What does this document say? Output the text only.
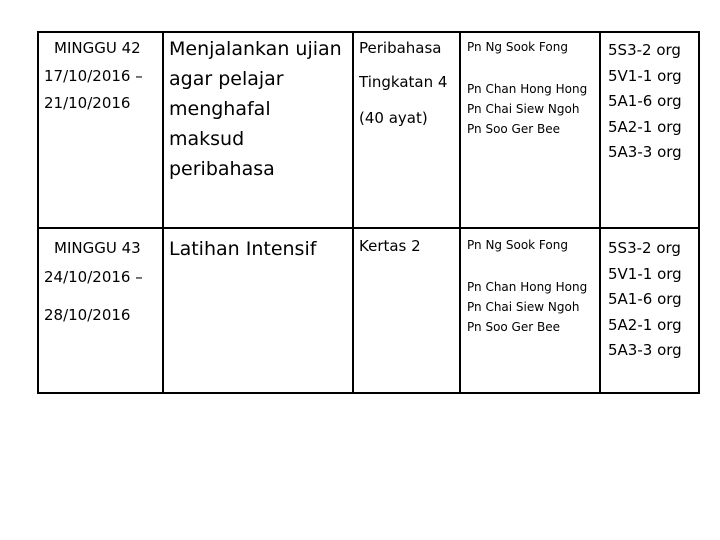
MINGGU 42
17/10/2016 –
21/10/2016
Menjalankan ujian
agar pelajar
menghafal
maksud
peribahasa
Peribahasa
Tingkatan 4
(40 ayat)
Pn Ng Sook Fong
Pn Chan Hong Hong
Pn Chai Siew Ngoh
Pn Soo Ger Bee
5S3-2 org
5V1-1 org
5A1-6 org
5A2-1 org
5A3-3 org
MINGGU 43
24/10/2016 –
28/10/2016
Latihan Intensif	Kertas 2	Pn Ng Sook Fong
Pn Chan Hong Hong
Pn Chai Siew Ngoh
Pn Soo Ger Bee
5S3-2 org
5V1-1 org
5A1-6 org
5A2-1 org
5A3-3 org
